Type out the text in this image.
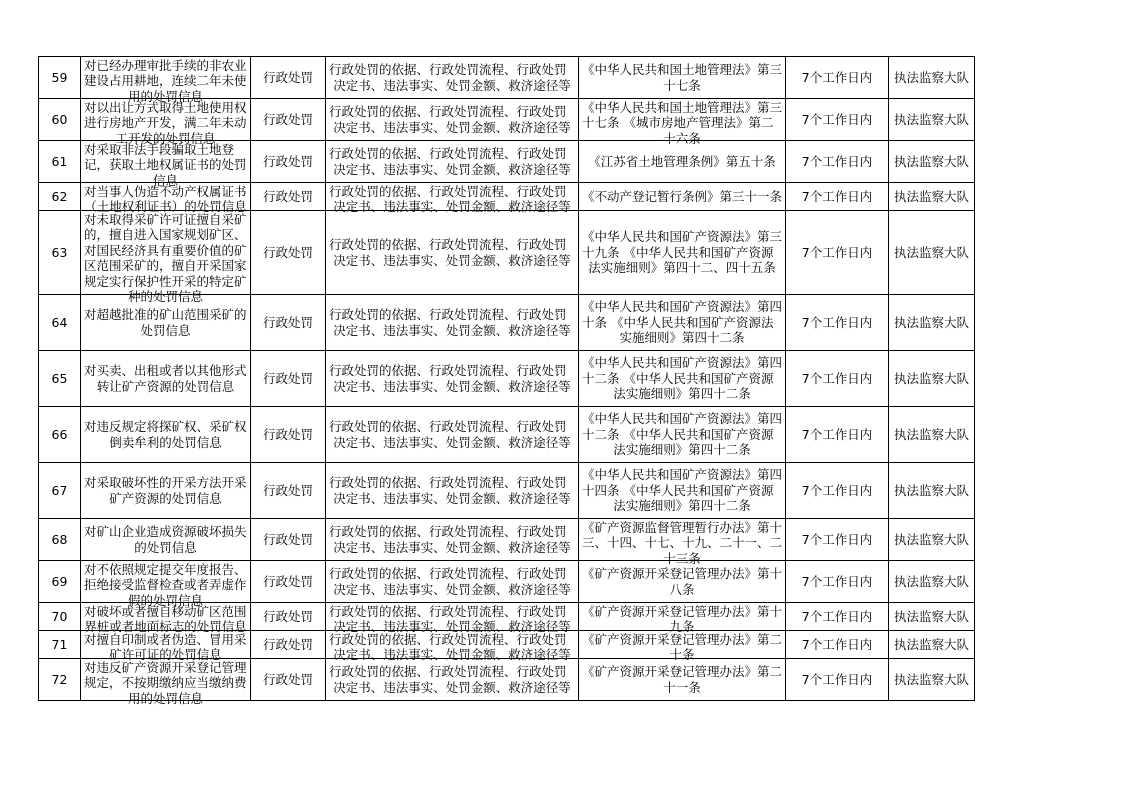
59	对已经办理审批手续的非农业建设占用耕地，连续二年未使用的处罚信息	行政处罚	行政处罚的依据、行政处罚流程、行政处罚决定书、违法事实、处罚金额、救济途径等	《中华人民共和国土地管理法》第三十七条	7个工作日内	执法监察大队

60	对以出让方式取得土地使用权进行房地产开发，满二年未动工开发的处罚信息	行政处罚	行政处罚的依据、行政处罚流程、行政处罚决定书、违法事实、处罚金额、救济途径等	《中华人民共和国土地管理法》第三十七条 《城市房地产管理法》第二十六条	7个工作日内	执法监察大队

61	对采取非法手段骗取土地登记，获取土地权属证书的处罚信息	行政处罚	行政处罚的依据、行政处罚流程、行政处罚决定书、违法事实、处罚金额、救济途径等	《江苏省土地管理条例》第五十条	7个工作日内	执法监察大队

62	对当事人伪造不动产权属证书（土地权利证书）的处罚信息	行政处罚	行政处罚的依据、行政处罚流程、行政处罚决定书、违法事实、处罚金额、救济途径等	《不动产登记暂行条例》第三十一条	7个工作日内	执法监察大队

63	对未取得采矿许可证擅自采矿的，擅自进入国家规划矿区、对国民经济具有重要价值的矿区范围采矿的，擅自开采国家规定实行保护性开采的特定矿种的处罚信息	行政处罚	行政处罚的依据、行政处罚流程、行政处罚决定书、违法事实、处罚金额、救济途径等	《中华人民共和国矿产资源法》第三十九条 《中华人民共和国矿产资源法实施细则》第四十二、四十五条	7个工作日内	执法监察大队

64	对超越批准的矿山范围采矿的处罚信息	行政处罚	行政处罚的依据、行政处罚流程、行政处罚决定书、违法事实、处罚金额、救济途径等	《中华人民共和国矿产资源法》第四十条 《中华人民共和国矿产资源法实施细则》第四十二条	7个工作日内	执法监察大队

65	对买卖、出租或者以其他形式转让矿产资源的处罚信息	行政处罚	行政处罚的依据、行政处罚流程、行政处罚决定书、违法事实、处罚金额、救济途径等	《中华人民共和国矿产资源法》第四十二条 《中华人民共和国矿产资源法实施细则》第四十二条	7个工作日内	执法监察大队

66	对违反规定将探矿权、采矿权倒卖牟利的处罚信息	行政处罚	行政处罚的依据、行政处罚流程、行政处罚决定书、违法事实、处罚金额、救济途径等	《中华人民共和国矿产资源法》第四十二条 《中华人民共和国矿产资源法实施细则》第四十二条	7个工作日内	执法监察大队

67	对采取破坏性的开采方法开采矿产资源的处罚信息	行政处罚	行政处罚的依据、行政处罚流程、行政处罚决定书、违法事实、处罚金额、救济途径等	《中华人民共和国矿产资源法》第四十四条 《中华人民共和国矿产资源法实施细则》第四十二条	7个工作日内	执法监察大队

68	对矿山企业造成资源破坏损失的处罚信息	行政处罚	行政处罚的依据、行政处罚流程、行政处罚决定书、违法事实、处罚金额、救济途径等	《矿产资源监督管理暂行办法》第十三、十四、十七、十九、二十一、二十三条	7个工作日内	执法监察大队

69	对不依照规定提交年度报告、拒绝接受监督检查或者弄虚作假的处罚信息	行政处罚	行政处罚的依据、行政处罚流程、行政处罚决定书、违法事实、处罚金额、救济途径等	《矿产资源开采登记管理办法》第十八条	7个工作日内	执法监察大队

70	对破坏或者擅自移动矿区范围界桩或者地面标志的处罚信息	行政处罚	行政处罚的依据、行政处罚流程、行政处罚决定书、违法事实、处罚金额、救济途径等	《矿产资源开采登记管理办法》第十九条	7个工作日内	执法监察大队

71	对擅自印制或者伪造、冒用采矿许可证的处罚信息	行政处罚	行政处罚的依据、行政处罚流程、行政处罚决定书、违法事实、处罚金额、救济途径等	《矿产资源开采登记管理办法》第二十条	7个工作日内	执法监察大队

72	对违反矿产资源开采登记管理规定，不按期缴纳应当缴纳费用的处罚信息	行政处罚	行政处罚的依据、行政处罚流程、行政处罚决定书、违法事实、处罚金额、救济途径等	《矿产资源开采登记管理办法》第二十一条	7个工作日内	执法监察大队
